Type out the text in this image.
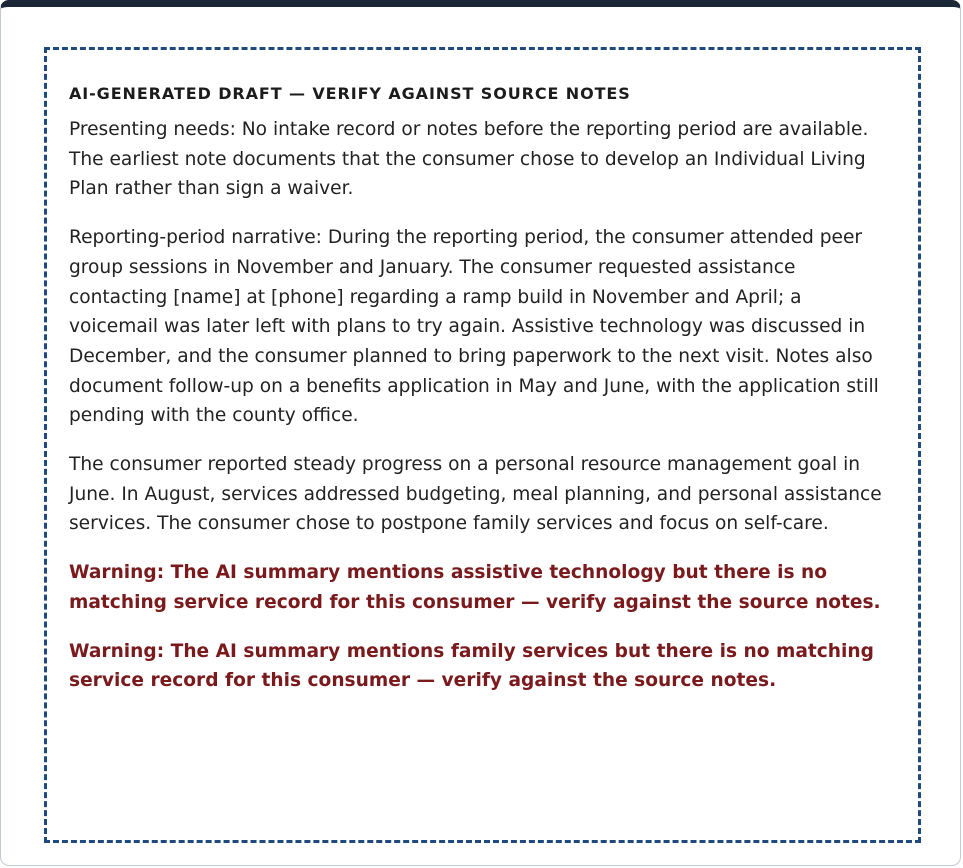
AI-GENERATED DRAFT — VERIFY AGAINST SOURCE NOTES

Presenting needs: No intake record or notes before the reporting period are available. The earliest note documents that the consumer chose to develop an Individual Living Plan rather than sign a waiver.

Reporting-period narrative: During the reporting period, the consumer attended peer group sessions in November and January. The consumer requested assistance contacting [name] at [phone] regarding a ramp build in November and April; a voicemail was later left with plans to try again. Assistive technology was discussed in December, and the consumer planned to bring paperwork to the next visit. Notes also document follow-up on a benefits application in May and June, with the application still pending with the county office.

The consumer reported steady progress on a personal resource management goal in June. In August, services addressed budgeting, meal planning, and personal assistance services. The consumer chose to postpone family services and focus on self-care.

Warning: The AI summary mentions assistive technology but there is no matching service record for this consumer — verify against the source notes.

Warning: The AI summary mentions family services but there is no matching service record for this consumer — verify against the source notes.
